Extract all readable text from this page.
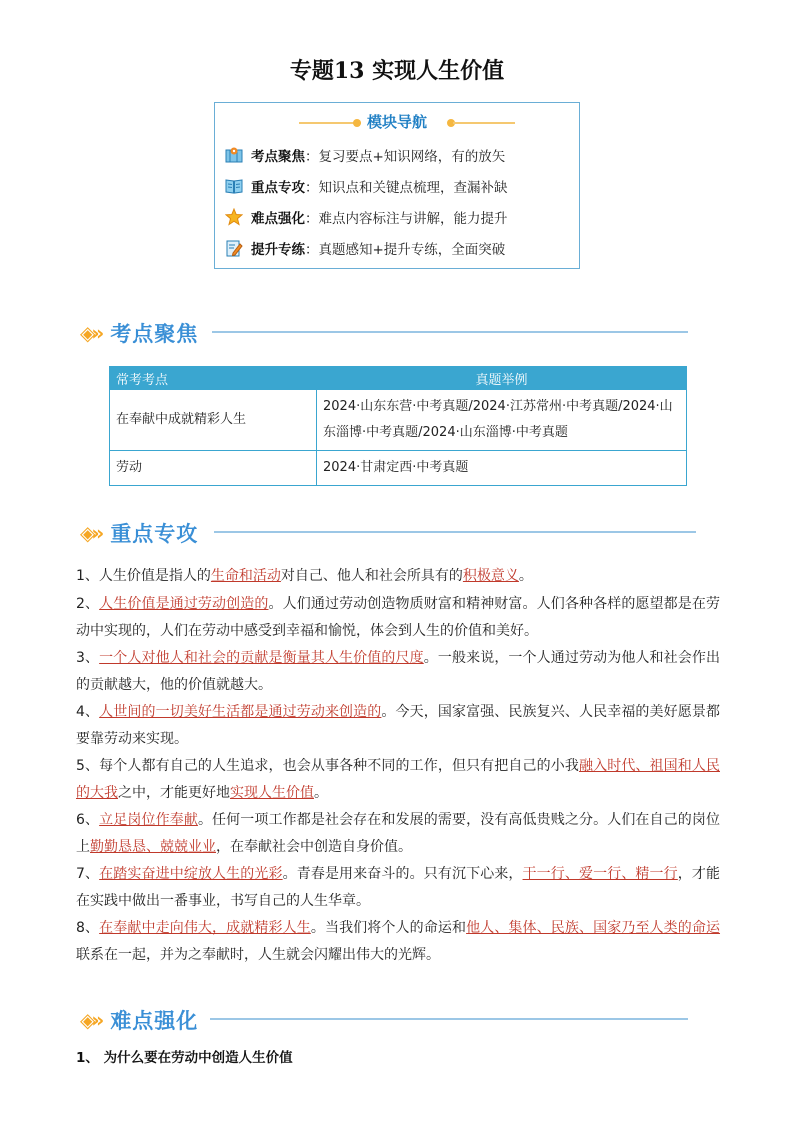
专题13 实现人生价值
模块导航
考点聚焦 ：复习要点+知识网络，有的放矢
重点专攻 ：知识点和关键点梳理，查漏补缺
难点强化 ：难点内容标注与讲解，能力提升
提升专练 ：真题感知+提升专练，全面突破
◈» 考点聚焦
常考考点	真题举例
在奉献中成就精彩人生	2024·山东东营·中考真题/2024·江苏常州·中考真题/2024·山东淄博·中考真题/2024·山东淄博·中考真题
劳动	2024·甘肃定西·中考真题
◈» 重点专攻
1、人生价值是指人的生命和活动对自己、他人和社会所具有的积极意义。
2、人生价值是通过劳动创造的。人们通过劳动创造物质财富和精神财富。人们各种各样的愿望都是在劳动中实现的，人们在劳动中感受到幸福和愉悦，体会到人生的价值和美好。
3、一个人对他人和社会的贡献是衡量其人生价值的尺度。一般来说，一个人通过劳动为他人和社会作出的贡献越大，他的价值就越大。
4、人世间的一切美好生活都是通过劳动来创造的。今天，国家富强、民族复兴、人民幸福的美好愿景都要靠劳动来实现。
5、每个人都有自己的人生追求，也会从事各种不同的工作，但只有把自己的小我融入时代、祖国和人民的大我之中，才能更好地实现人生价值。
6、立足岗位作奉献。任何一项工作都是社会存在和发展的需要，没有高低贵贱之分。人们在自己的岗位上勤勤恳恳、兢兢业业，在奉献社会中创造自身价值。
7、在踏实奋进中绽放人生的光彩。青春是用来奋斗的。只有沉下心来，干一行、爱一行、精一行，才能在实践中做出一番事业，书写自己的人生华章。
8、在奉献中走向伟大，成就精彩人生。当我们将个人的命运和他人、集体、民族、国家乃至人类的命运联系在一起，并为之奉献时，人生就会闪耀出伟大的光辉。
◈» 难点强化
1、 为什么要在劳动中创造人生价值
